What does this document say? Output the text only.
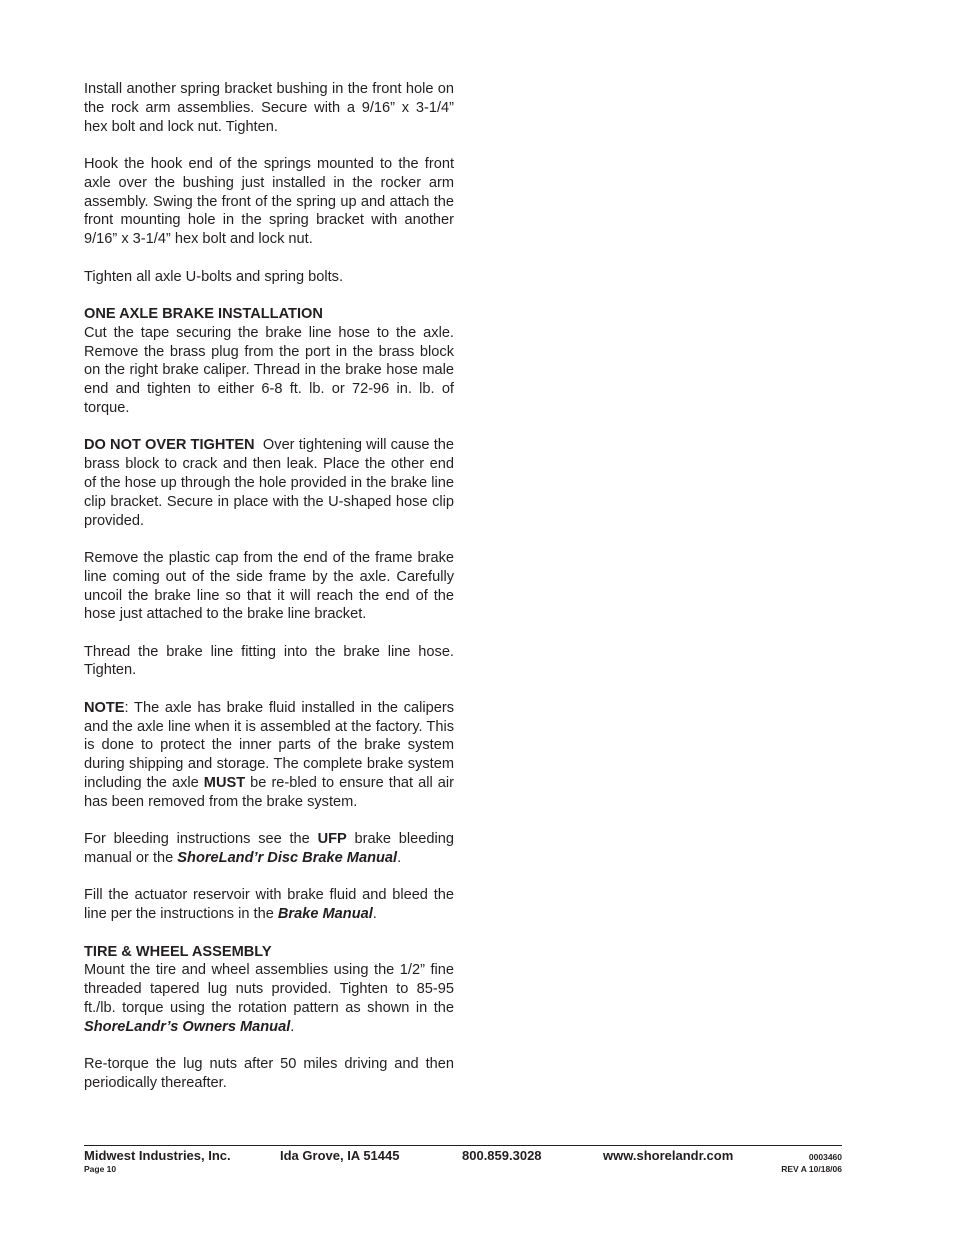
Install another spring bracket bushing in the front hole on the rock arm assemblies. Secure with a 9/16” x 3-1/4” hex bolt and lock nut. Tighten.

Hook the hook end of the springs mounted to the front axle over the bushing just installed in the rocker arm assembly. Swing the front of the spring up and attach the front mounting hole in the spring bracket with another 9/16” x 3-1/4” hex bolt and lock nut.

Tighten all axle U-bolts and spring bolts.

ONE AXLE BRAKE INSTALLATION

Cut the tape securing the brake line hose to the axle. Remove the brass plug from the port in the brass block on the right brake caliper. Thread in the brake hose male end and tighten to either 6-8 ft. lb. or 72-96 in. lb. of torque.

DO NOT OVER TIGHTEN  Over tightening will cause the brass block to crack and then leak. Place the other end of the hose up through the hole provided in the brake line clip bracket. Secure in place with the U-shaped hose clip provided.

Remove the plastic cap from the end of the frame brake line coming out of the side frame by the axle. Carefully uncoil the brake line so that it will reach the end of the hose just attached to the brake line bracket.

Thread the brake line fitting into the brake line hose. Tighten.

NOTE: The axle has brake fluid installed in the calipers and the axle line when it is assembled at the factory. This is done to protect the inner parts of the brake system during shipping and storage. The complete brake system including the axle MUST be re-bled to ensure that all air has been removed from the brake system.

For bleeding instructions see the UFP brake bleeding manual or the ShoreLand’r Disc Brake Manual.

Fill the actuator reservoir with brake fluid and bleed the line per the instructions in the Brake Manual.

TIRE & WHEEL ASSEMBLY

Mount the tire and wheel assemblies using the 1/2” fine threaded tapered lug nuts provided. Tighten to 85-95 ft./lb. torque using the rotation pattern as shown in the ShoreLandr’s Owners Manual.

Re-torque the lug nuts after 50 miles driving and then periodically thereafter.

Midwest Industries, Inc.	Ida Grove, IA 51445	800.859.3028	www.shorelandr.com	0003460
Page 10	REV A 10/18/06
